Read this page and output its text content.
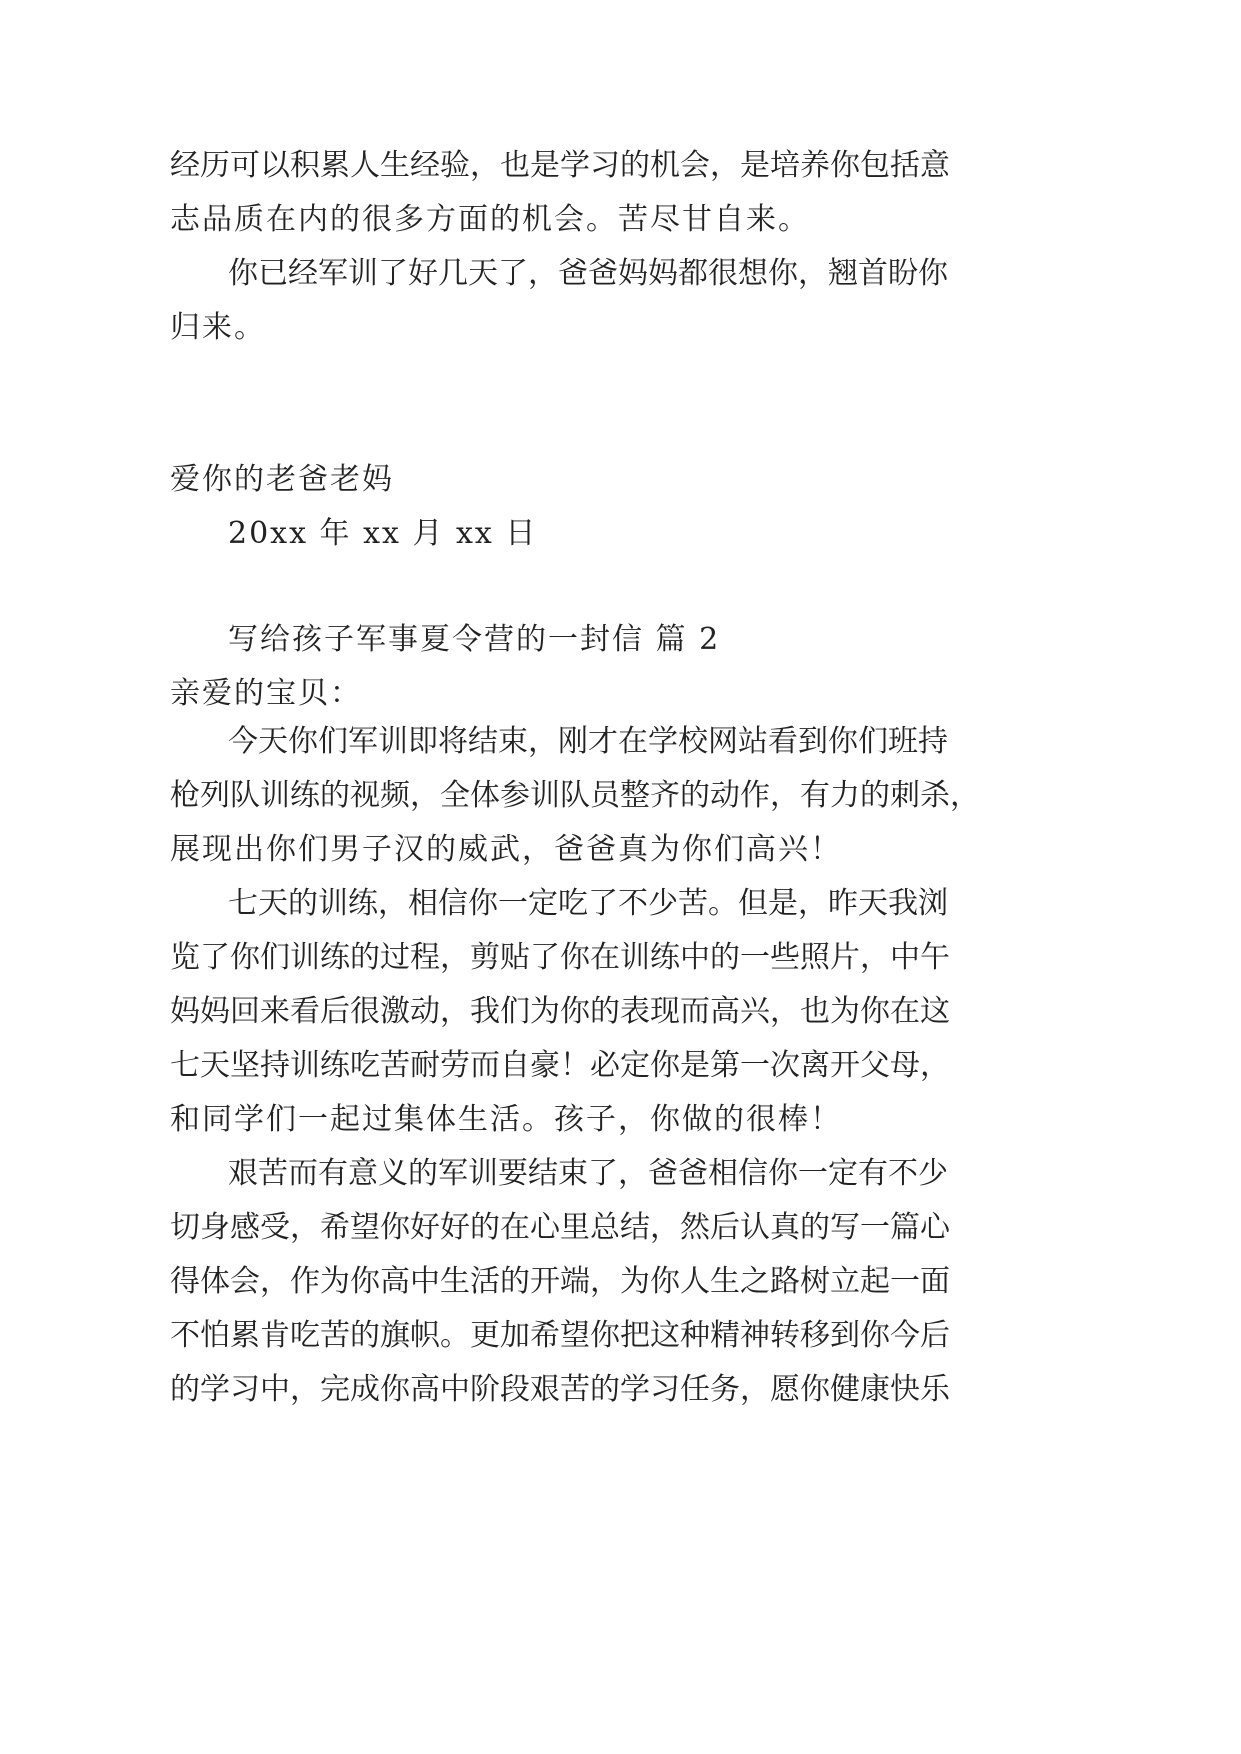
经历可以积累人生经验，也是学习的机会，是培养你包括意
志品质在内的很多方面的机会。苦尽甘自来。
你已经军训了好几天了，爸爸妈妈都很想你，翘首盼你
归来。
爱你的老爸老妈
20xx 年 xx 月 xx 日
写给孩子军事夏令营的一封信 篇 2
亲爱的宝贝：
今天你们军训即将结束，刚才在学校网站看到你们班持
枪列队训练的视频，全体参训队员整齐的动作，有力的刺杀，
展现出你们男子汉的威武，爸爸真为你们高兴！
七天的训练，相信你一定吃了不少苦。但是，昨天我浏
览了你们训练的过程，剪贴了你在训练中的一些照片，中午
妈妈回来看后很激动，我们为你的表现而高兴，也为你在这
七天坚持训练吃苦耐劳而自豪！必定你是第一次离开父母，
和同学们一起过集体生活。孩子，你做的很棒！
艰苦而有意义的军训要结束了，爸爸相信你一定有不少
切身感受，希望你好好的在心里总结，然后认真的写一篇心
得体会，作为你高中生活的开端，为你人生之路树立起一面
不怕累肯吃苦的旗帜。更加希望你把这种精神转移到你今后
的学习中，完成你高中阶段艰苦的学习任务，愿你健康快乐
